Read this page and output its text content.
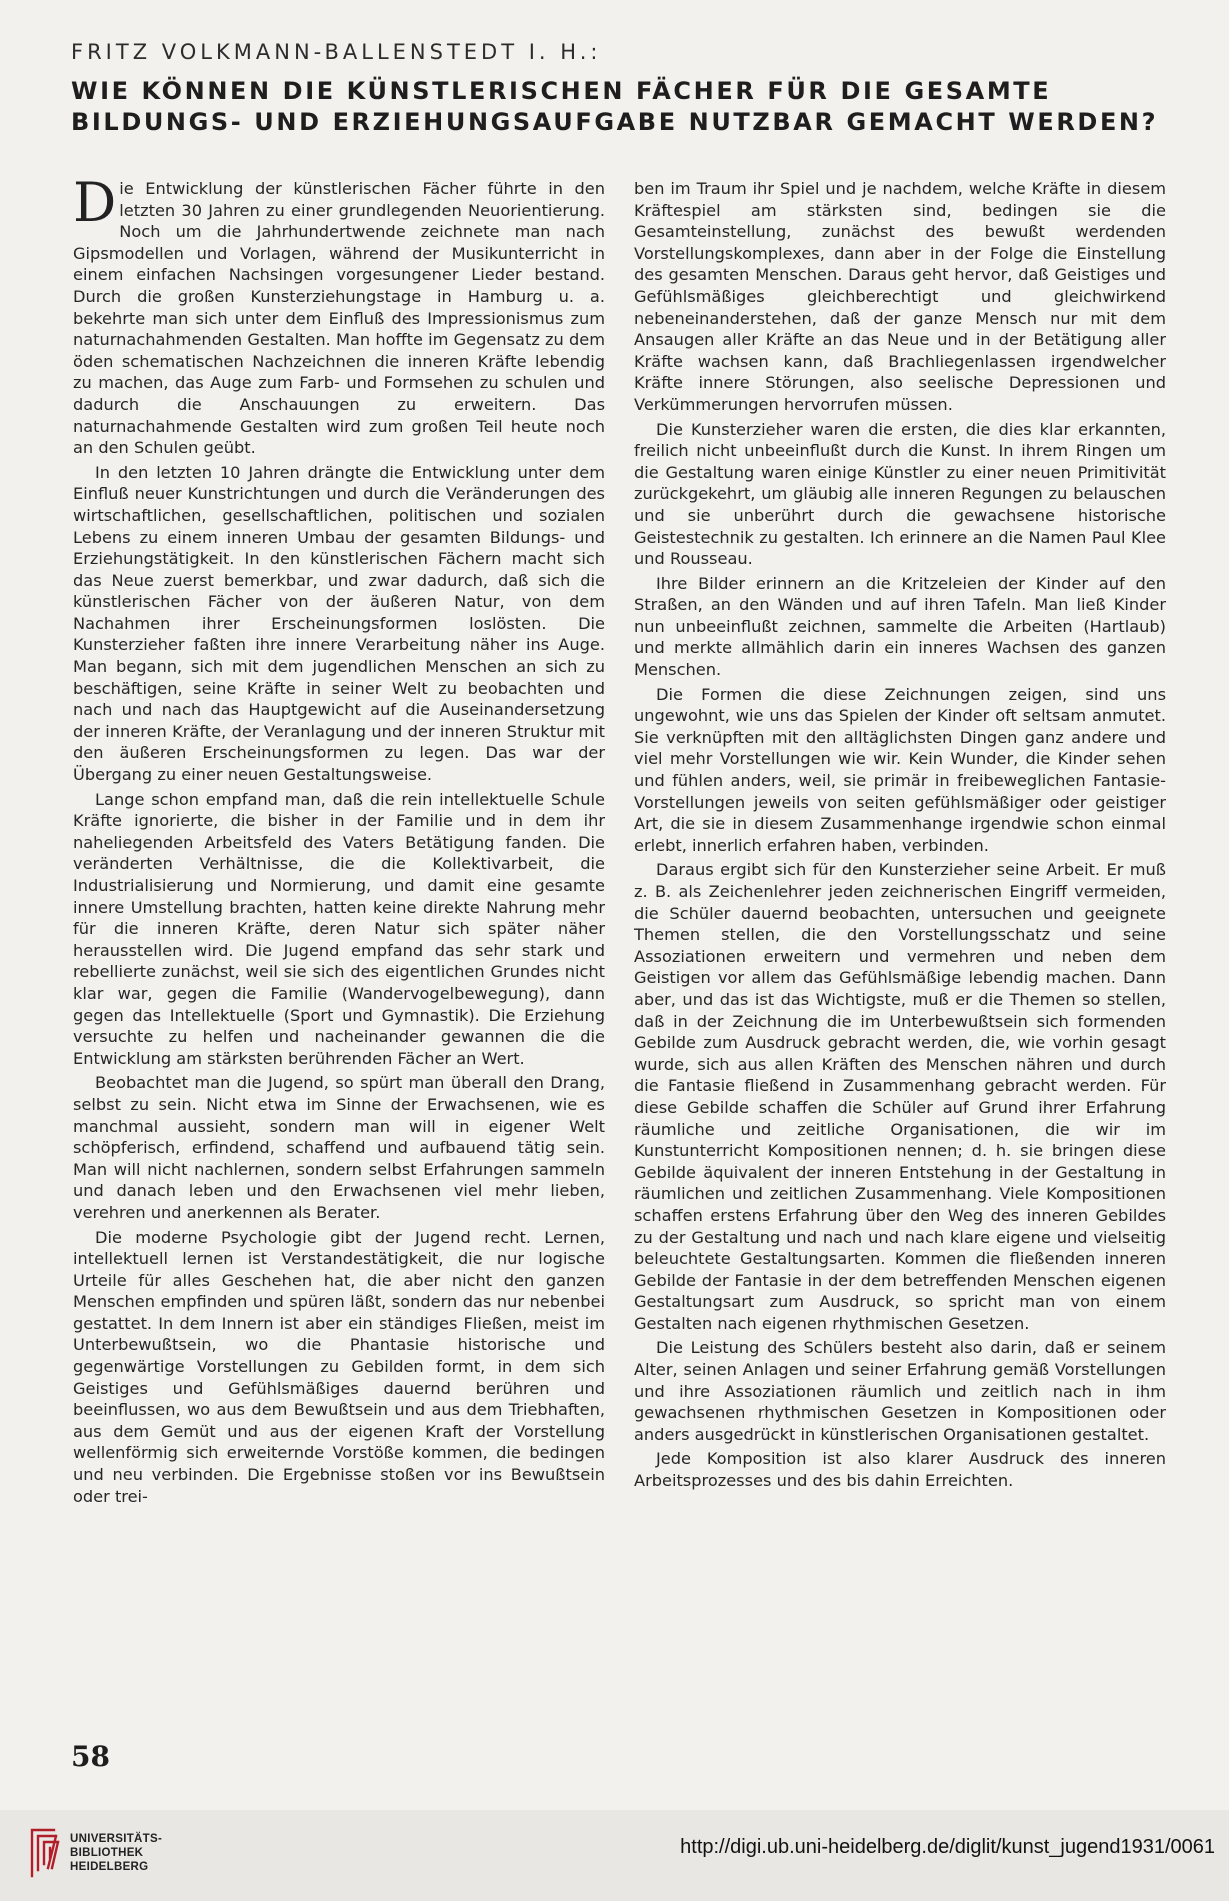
FRITZ VOLKMANN-BALLENSTEDT I. H.:
WIE KÖNNEN DIE KÜNSTLERISCHEN FÄCHER FÜR DIE GESAMTE BILDUNGS- UND ERZIEHUNGSAUFGABE NUTZBAR GEMACHT WERDEN?

Die Entwicklung der künstlerischen Fächer führte in den letzten 30 Jahren zu einer grundlegenden Neuorientierung. Noch um die Jahrhundertwende zeichnete man nach Gipsmodellen und Vorlagen, während der Musikunterricht in einem einfachen Nachsingen vorgesungener Lieder bestand. Durch die großen Kunsterziehungstage in Hamburg u. a. bekehrte man sich unter dem Einfluß des Impressionismus zum naturnachahmenden Gestalten. Man hoffte im Gegensatz zu dem öden schematischen Nachzeichnen die inneren Kräfte lebendig zu machen, das Auge zum Farb- und Formsehen zu schulen und dadurch die Anschauungen zu erweitern. Das naturnachahmende Gestalten wird zum großen Teil heute noch an den Schulen geübt.

In den letzten 10 Jahren drängte die Entwicklung unter dem Einfluß neuer Kunstrichtungen und durch die Veränderungen des wirtschaftlichen, gesellschaftlichen, politischen und sozialen Lebens zu einem inneren Umbau der gesamten Bildungs- und Erziehungstätigkeit. In den künstlerischen Fächern macht sich das Neue zuerst bemerkbar, und zwar dadurch, daß sich die künstlerischen Fächer von der äußeren Natur, von dem Nachahmen ihrer Erscheinungsformen loslösten. Die Kunsterzieher faßten ihre innere Verarbeitung näher ins Auge. Man begann, sich mit dem jugendlichen Menschen an sich zu beschäftigen, seine Kräfte in seiner Welt zu beobachten und nach und nach das Hauptgewicht auf die Auseinandersetzung der inneren Kräfte, der Veranlagung und der inneren Struktur mit den äußeren Erscheinungsformen zu legen. Das war der Übergang zu einer neuen Gestaltungsweise.

Lange schon empfand man, daß die rein intellektuelle Schule Kräfte ignorierte, die bisher in der Familie und in dem ihr naheliegenden Arbeitsfeld des Vaters Betätigung fanden. Die veränderten Verhältnisse, die die Kollektivarbeit, die Industrialisierung und Normierung, und damit eine gesamte innere Umstellung brachten, hatten keine direkte Nahrung mehr für die inneren Kräfte, deren Natur sich später näher herausstellen wird. Die Jugend empfand das sehr stark und rebellierte zunächst, weil sie sich des eigentlichen Grundes nicht klar war, gegen die Familie (Wandervogelbewegung), dann gegen das Intellektuelle (Sport und Gymnastik). Die Erziehung versuchte zu helfen und nacheinander gewannen die die Entwicklung am stärksten berührenden Fächer an Wert.

Beobachtet man die Jugend, so spürt man überall den Drang, selbst zu sein. Nicht etwa im Sinne der Erwachsenen, wie es manchmal aussieht, sondern man will in eigener Welt schöpferisch, erfindend, schaffend und aufbauend tätig sein. Man will nicht nachlernen, sondern selbst Erfahrungen sammeln und danach leben und den Erwachsenen viel mehr lieben, verehren und anerkennen als Berater.

Die moderne Psychologie gibt der Jugend recht. Lernen, intellektuell lernen ist Verstandestätigkeit, die nur logische Urteile für alles Geschehen hat, die aber nicht den ganzen Menschen empfinden und spüren läßt, sondern das nur nebenbei gestattet. In dem Innern ist aber ein ständiges Fließen, meist im Unterbewußtsein, wo die Phantasie historische und gegenwärtige Vorstellungen zu Gebilden formt, in dem sich Geistiges und Gefühlsmäßiges dauernd berühren und beeinflussen, wo aus dem Bewußtsein und aus dem Triebhaften, aus dem Gemüt und aus der eigenen Kraft der Vorstellung wellenförmig sich erweiternde Vorstöße kommen, die bedingen und neu verbinden. Die Ergebnisse stoßen vor ins Bewußtsein oder trei-

ben im Traum ihr Spiel und je nachdem, welche Kräfte in diesem Kräftespiel am stärksten sind, bedingen sie die Gesamteinstellung, zunächst des bewußt werdenden Vorstellungskomplexes, dann aber in der Folge die Einstellung des gesamten Menschen. Daraus geht hervor, daß Geistiges und Gefühlsmäßiges gleichberechtigt und gleichwirkend nebeneinanderstehen, daß der ganze Mensch nur mit dem Ansaugen aller Kräfte an das Neue und in der Betätigung aller Kräfte wachsen kann, daß Brachliegenlassen irgendwelcher Kräfte innere Störungen, also seelische Depressionen und Verkümmerungen hervorrufen müssen.

Die Kunsterzieher waren die ersten, die dies klar erkannten, freilich nicht unbeeinflußt durch die Kunst. In ihrem Ringen um die Gestaltung waren einige Künstler zu einer neuen Primitivität zurückgekehrt, um gläubig alle inneren Regungen zu belauschen und sie unberührt durch die gewachsene historische Geistestechnik zu gestalten. Ich erinnere an die Namen Paul Klee und Rousseau.

Ihre Bilder erinnern an die Kritzeleien der Kinder auf den Straßen, an den Wänden und auf ihren Tafeln. Man ließ Kinder nun unbeeinflußt zeichnen, sammelte die Arbeiten (Hartlaub) und merkte allmählich darin ein inneres Wachsen des ganzen Menschen.

Die Formen die diese Zeichnungen zeigen, sind uns ungewohnt, wie uns das Spielen der Kinder oft seltsam anmutet. Sie verknüpften mit den alltäglichsten Dingen ganz andere und viel mehr Vorstellungen wie wir. Kein Wunder, die Kinder sehen und fühlen anders, weil, sie primär in freibeweglichen Fantasie-Vorstellungen jeweils von seiten gefühlsmäßiger oder geistiger Art, die sie in diesem Zusammenhange irgendwie schon einmal erlebt, innerlich erfahren haben, verbinden.

Daraus ergibt sich für den Kunsterzieher seine Arbeit. Er muß z. B. als Zeichenlehrer jeden zeichnerischen Eingriff vermeiden, die Schüler dauernd beobachten, untersuchen und geeignete Themen stellen, die den Vorstellungsschatz und seine Assoziationen erweitern und vermehren und neben dem Geistigen vor allem das Gefühlsmäßige lebendig machen. Dann aber, und das ist das Wichtigste, muß er die Themen so stellen, daß in der Zeichnung die im Unterbewußtsein sich formenden Gebilde zum Ausdruck gebracht werden, die, wie vorhin gesagt wurde, sich aus allen Kräften des Menschen nähren und durch die Fantasie fließend in Zusammenhang gebracht werden. Für diese Gebilde schaffen die Schüler auf Grund ihrer Erfahrung räumliche und zeitliche Organisationen, die wir im Kunstunterricht Kompositionen nennen; d. h. sie bringen diese Gebilde äquivalent der inneren Entstehung in der Gestaltung in räumlichen und zeitlichen Zusammenhang. Viele Kompositionen schaffen erstens Erfahrung über den Weg des inneren Gebildes zu der Gestaltung und nach und nach klare eigene und vielseitig beleuchtete Gestaltungsarten. Kommen die fließenden inneren Gebilde der Fantasie in der dem betreffenden Menschen eigenen Gestaltungsart zum Ausdruck, so spricht man von einem Gestalten nach eigenen rhythmischen Gesetzen.

Die Leistung des Schülers besteht also darin, daß er seinem Alter, seinen Anlagen und seiner Erfahrung gemäß Vorstellungen und ihre Assoziationen räumlich und zeitlich nach in ihm gewachsenen rhythmischen Gesetzen in Kompositionen oder anders ausgedrückt in künstlerischen Organisationen gestaltet.

Jede Komposition ist also klarer Ausdruck des inneren Arbeitsprozesses und des bis dahin Erreichten.

58
UNIVERSITÄTS-
BIBLIOTHEK
HEIDELBERG
http://digi.ub.uni-heidelberg.de/diglit/kunst_jugend1931/0061
